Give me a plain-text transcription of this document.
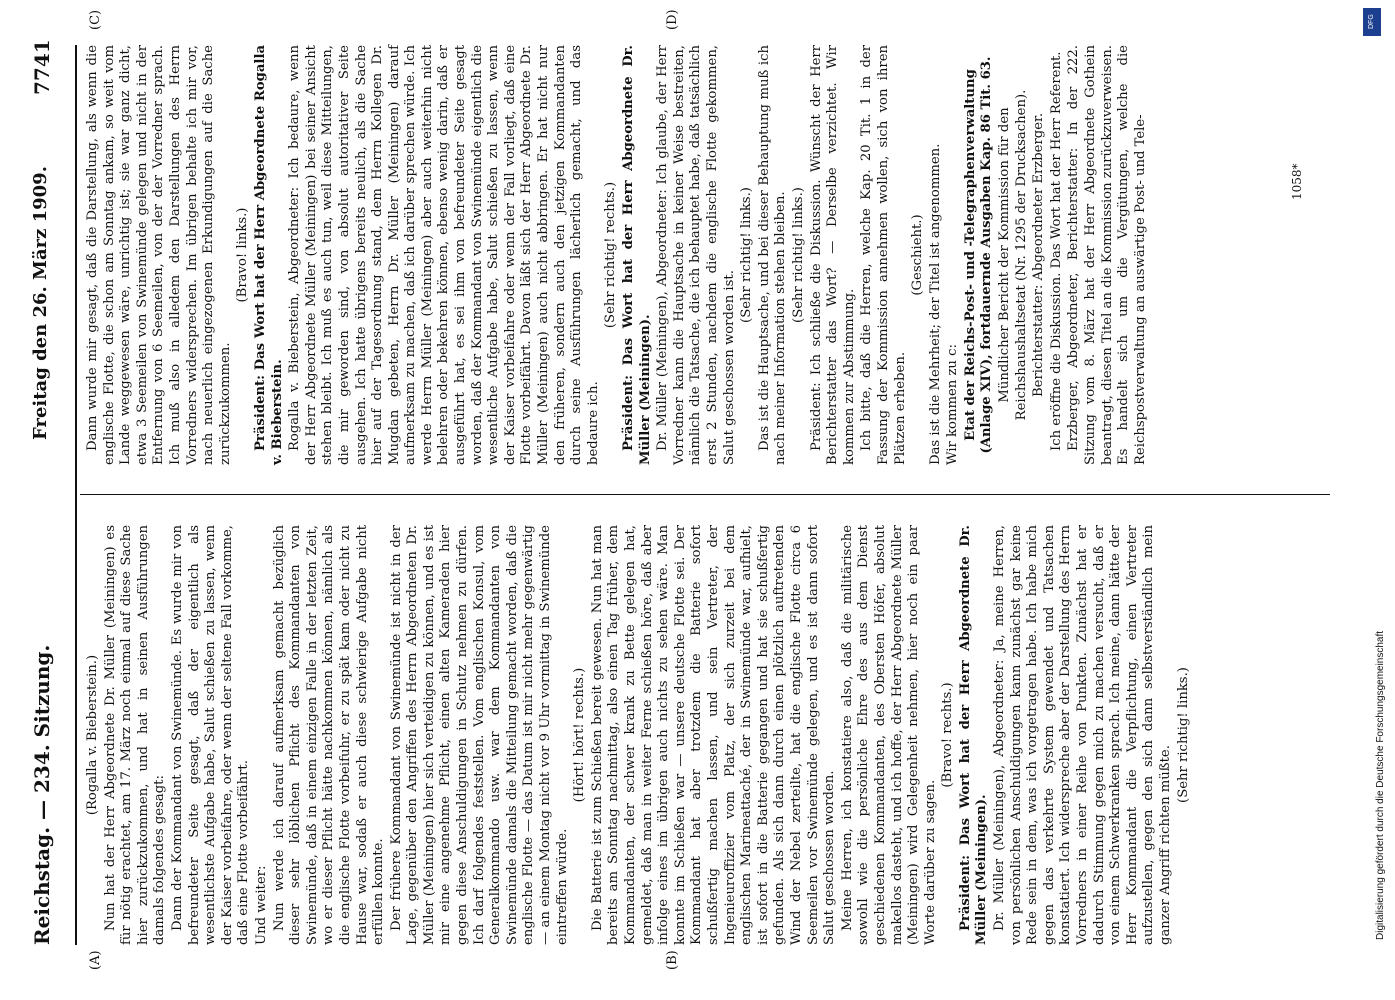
Reichstag. — 234. Sitzung.
Freitag den 26. März 1909.
7741
(A)	(B)
(C)	(D)

(Rogalla v. Bieberstein.) Nun hat der Herr Abgeordnete Dr. Müller (Meiningen) es für nötig erachtet, am 17. März noch einmal auf diese Sache hier zurückzukommen, und hat in seinen Ausführungen damals folgendes gesagt: Dann der Kommandant von Swinemünde. Es wurde mir von befreundeter Seite gesagt, daß der eigentlich als wesentlichste Aufgabe habe, Salut schießen zu lassen, wenn der Kaiser vorbeifahre, oder wenn der seltene Fall vorkomme, daß eine Flotte vorbeifährt. Und weiter: Nun werde ich darauf aufmerksam gemacht bezüglich dieser sehr löblichen Pflicht des Kommandanten von Swinemünde, daß in einem einzigen Falle in der letzten Zeit, wo er dieser Pflicht hätte nachkommen können, nämlich als die englische Flotte vorbeifuhr, er zu spät kam oder nicht zu Hause war, sodaß er auch diese schwierige Aufgabe nicht erfüllen konnte. Der frühere Kommandant von Swinemünde ist nicht in der Lage, gegenüber den Angriffen des Herrn Abgeordneten Dr. Müller (Meiningen) hier sich verteidigen zu können, und es ist mir eine angenehme Pflicht, einen alten Kameraden hier gegen diese Anschuldigungen in Schutz nehmen zu dürfen. Ich darf folgendes feststellen. Vom englischen Konsul, vom Generalkommando usw. war dem Kommandanten von Swinemünde damals die Mitteilung gemacht worden, daß die englische Flotte — das Datum ist mir nicht mehr gegenwärtig — an einem Montag nicht vor 9 Uhr vormittag in Swinemünde eintreffen würde.

(Hört! hört! rechts.) Die Batterie ist zum Schießen bereit gewesen. Nun hat man bereits am Sonntag nachmittag, also einen Tag früher, dem Kommandanten, der schwer krank zu Bette gelegen hat, gemeldet, daß man in weiter Ferne schießen höre, daß aber infolge eines im übrigen auch nichts zu sehen wäre. Man konnte im Schießen war — unsere deutsche Flotte sei. Der Kommandant hat aber trotzdem die Batterie sofort schußfertig machen lassen, und sein Vertreter, der Ingenieuroffizier vom Platz, der sich zurzeit bei dem englischen Marineattaché, der in Swinemünde war, aufhielt, ist sofort in die Batterie gegangen und hat sie schußfertig gefunden. Als sich dann durch einen plötzlich auftretenden Wind der Nebel zerteilte, hat die englische Flotte circa 6 Seemeilen vor Swinemünde gelegen, und es ist dann sofort Salut geschossen worden. Meine Herren, ich konstatiere also, daß die militärische sowohl wie die persönliche Ehre des aus dem Dienst geschiedenen Kommandanten, des Obersten Höfer, absolut makellos dasteht, und ich hoffe, der Herr Abgeordnete Müller (Meiningen) wird Gelegenheit nehmen, hier noch ein paar Worte darüber zu sagen.

(Bravo! rechts.) Präsident: Das Wort hat der Herr Abgeordnete Dr. Müller (Meiningen). Dr. Müller (Meiningen), Abgeordneter: Ja, meine Herren, von persönlichen Anschuldigungen kann zunächst gar keine Rede sein in dem, was ich vorgetragen habe. Ich habe mich gegen das verkehrte System gewendet und Tatsachen konstatiert. Ich widerspreche aber der Darstellung des Herrn Vorredners in einer Reihe von Punkten. Zunächst hat er dadurch Stimmung gegen mich zu machen versucht, daß er von einem Schwerkranken sprach. Ich meine, dann hätte der Herr Kommandant die Verpflichtung, einen Vertreter aufzustellen, gegen den sich dann selbstverständlich mein ganzer Angriff richten müßte.

(Sehr richtig! links.)

Dann wurde mir gesagt, daß die Darstellung, als wenn die englische Flotte, die schon am Sonntag ankam, so weit vom Lande weggewesen wäre, unrichtig ist; sie war ganz dicht, etwa 3 Seemeilen von Swinemünde gelegen und nicht in der Entfernung von 6 Seemeilen, von der der Vorredner sprach. Ich muß also in alledem den Darstellungen des Herrn Vorredners widersprechen. Im übrigen behalte ich mir vor, nach neuerlich eingezogenen Erkundigungen auf die Sache zurückzukommen.

(Bravo! links.) Präsident: Das Wort hat der Herr Abgeordnete Rogalla v. Bieberstein. Rogalla v. Bieberstein, Abgeordneter: Ich bedaure, wenn der Herr Abgeordnete Müller (Meiningen) bei seiner Ansicht stehen bleibt. Ich muß es auch tun, weil diese Mitteilungen, die mir geworden sind, von absolut autoritativer Seite ausgehen. Ich hatte übrigens bereits neulich, als die Sache hier auf der Tagesordnung stand, dem Herrn Kollegen Dr. Mugdan gebeten, Herrn Dr. Müller (Meiningen) darauf aufmerksam zu machen, daß ich darüber sprechen würde. Ich werde Herrn Müller (Meiningen) aber auch weiterhin nicht belehren oder bekehren können, ebenso wenig darin, daß er ausgeführt hat, es sei ihm von befreundeter Seite gesagt worden, daß der Kommandant von Swinemünde eigentlich die wesentliche Aufgabe habe, Salut schießen zu lassen, wenn der Kaiser vorbeifahre oder wenn der Fall vorliegt, daß eine Flotte vorbeifährt. Davon läßt sich der Herr Abgeordnete Dr. Müller (Meiningen) auch nicht abbringen. Er hat nicht nur den früheren, sondern auch den jetzigen Kommandanten durch seine Ausführungen lächerlich gemacht, und das bedaure ich.

(Sehr richtig! rechts.) Präsident: Das Wort hat der Herr Abgeordnete Dr. Müller (Meiningen). Dr. Müller (Meiningen), Abgeordneter: Ich glaube, der Herr Vorredner kann die Hauptsache in keiner Weise bestreiten, nämlich die Tatsache, die ich behauptet habe, daß tatsächlich erst 2 Stunden, nachdem die englische Flotte gekommen, Salut geschossen worden ist.

(Sehr richtig! links.) Das ist die Hauptsache, und bei dieser Behauptung muß ich nach meiner Information stehen bleiben. (Sehr richtig! links.) Präsident: Ich schließe die Diskussion. Wünscht der Herr Berichterstatter das Wort? — Derselbe verzichtet. Wir kommen zur Abstimmung. Ich bitte, daß die Herren, welche Kap. 20 Tit. 1 in der Fassung der Kommission annehmen wollen, sich von ihren Plätzen erheben.

(Geschieht.) Das ist die Mehrheit; der Titel ist angenommen. Wir kommen zu c: Etat der Reichs-Post- und -Telegraphenverwaltung (Anlage XIV), fortdauernde Ausgaben Kap. 86 Tit. 63. Mündlicher Bericht der Kommission für den Reichshaushaltsetat (Nr. 1295 der Drucksachen). Berichterstatter: Abgeordneter Erzberger. Ich eröffne die Diskussion. Das Wort hat der Herr Referent. Erzberger, Abgeordneter, Berichterstatter: In der 222. Sitzung vom 8. März hat der Herr Abgeordnete Gothein beantragt, diesen Titel an die Kommission zurückzuverweisen. Es handelt sich um die Vergütungen, welche die Reichspostverwaltung an auswärtige Post- und Tele-	1058*
Digitalisierung gefördert durch die Deutsche Forschungsgemeinschaft
DFG
